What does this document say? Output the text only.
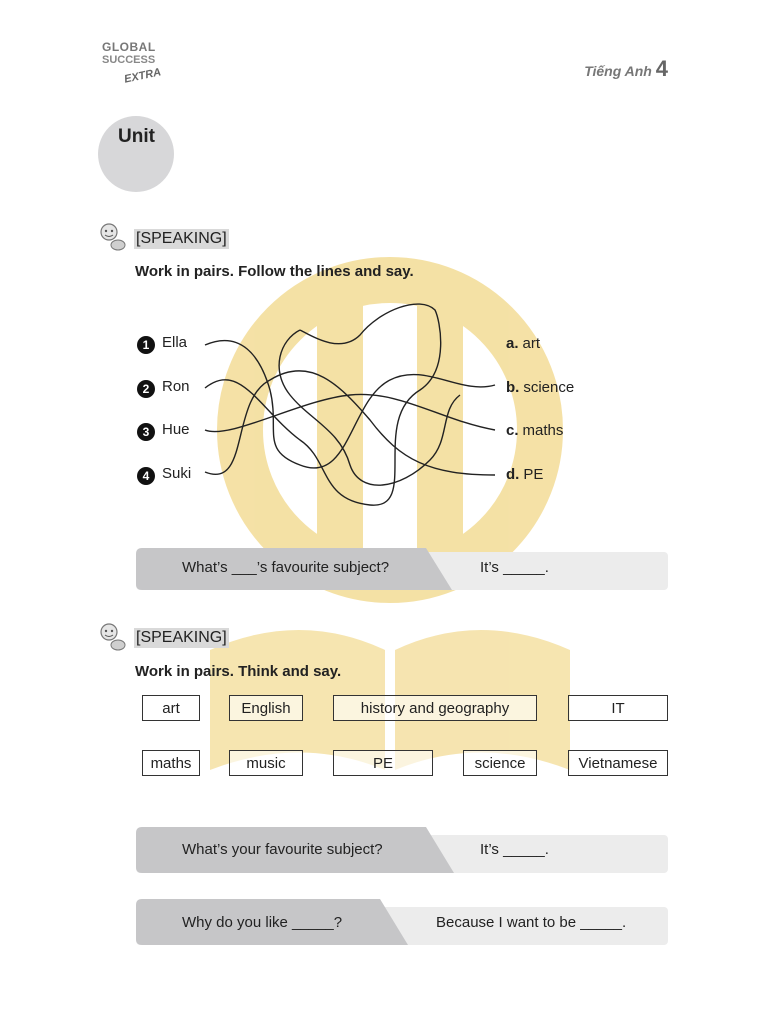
GLOBAL
SUCCESS
EXTRA	Tiếng Anh 4
Unit
[SPEAKING]
Work in pairs. Follow the lines and say.
1 Ella
2 Ron
3 Hue
4 Suki
a. art
b. science
c. maths
d. PE
What’s ___’s favourite subject?	It’s _____.
[SPEAKING]
Work in pairs. Think and say.
art	English	history and geography	IT
maths	music	PE	science	Vietnamese
What’s your favourite subject?	It’s _____.
Why do you like _____?	Because I want to be _____.
